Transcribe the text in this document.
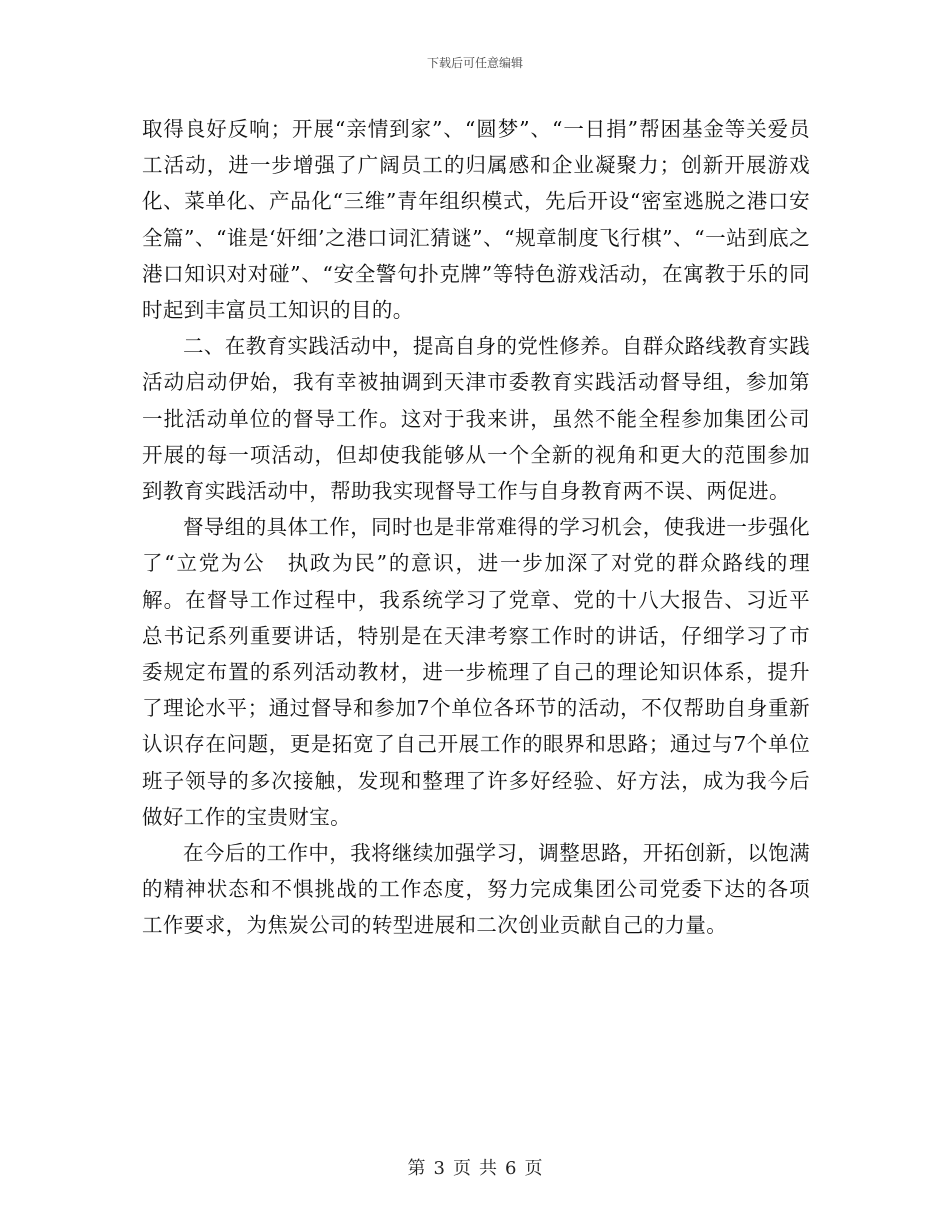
下载后可任意编辑

取得良好反响；开展“亲情到家”、“圆梦”、“一日捐”帮困基金等关爱员工活动，进一步增强了广阔员工的归属感和企业凝聚力；创新开展游戏化、菜单化、产品化“三维”青年组织模式，先后开设“密室逃脱之港口安全篇”、“谁是‘奸细’之港口词汇猜谜”、“规章制度飞行棋”、“一站到底之港口知识对对碰”、“安全警句扑克牌”等特色游戏活动，在寓教于乐的同时起到丰富员工知识的目的。

二、在教育实践活动中，提高自身的党性修养。自群众路线教育实践活动启动伊始，我有幸被抽调到天津市委教育实践活动督导组，参加第一批活动单位的督导工作。这对于我来讲，虽然不能全程参加集团公司开展的每一项活动，但却使我能够从一个全新的视角和更大的范围参加到教育实践活动中，帮助我实现督导工作与自身教育两不误、两促进。

督导组的具体工作，同时也是非常难得的学习机会，使我进一步强化了“立党为公　执政为民”的意识，进一步加深了对党的群众路线的理解。在督导工作过程中，我系统学习了党章、党的十八大报告、习近平总书记系列重要讲话，特别是在天津考察工作时的讲话，仔细学习了市委规定布置的系列活动教材，进一步梳理了自己的理论知识体系，提升了理论水平；通过督导和参加7个单位各环节的活动，不仅帮助自身重新认识存在问题，更是拓宽了自己开展工作的眼界和思路；通过与7个单位班子领导的多次接触，发现和整理了许多好经验、好方法，成为我今后做好工作的宝贵财宝。

在今后的工作中，我将继续加强学习，调整思路，开拓创新，以饱满的精神状态和不惧挑战的工作态度，努力完成集团公司党委下达的各项工作要求，为焦炭公司的转型进展和二次创业贡献自己的力量。

第 3 页 共 6 页
